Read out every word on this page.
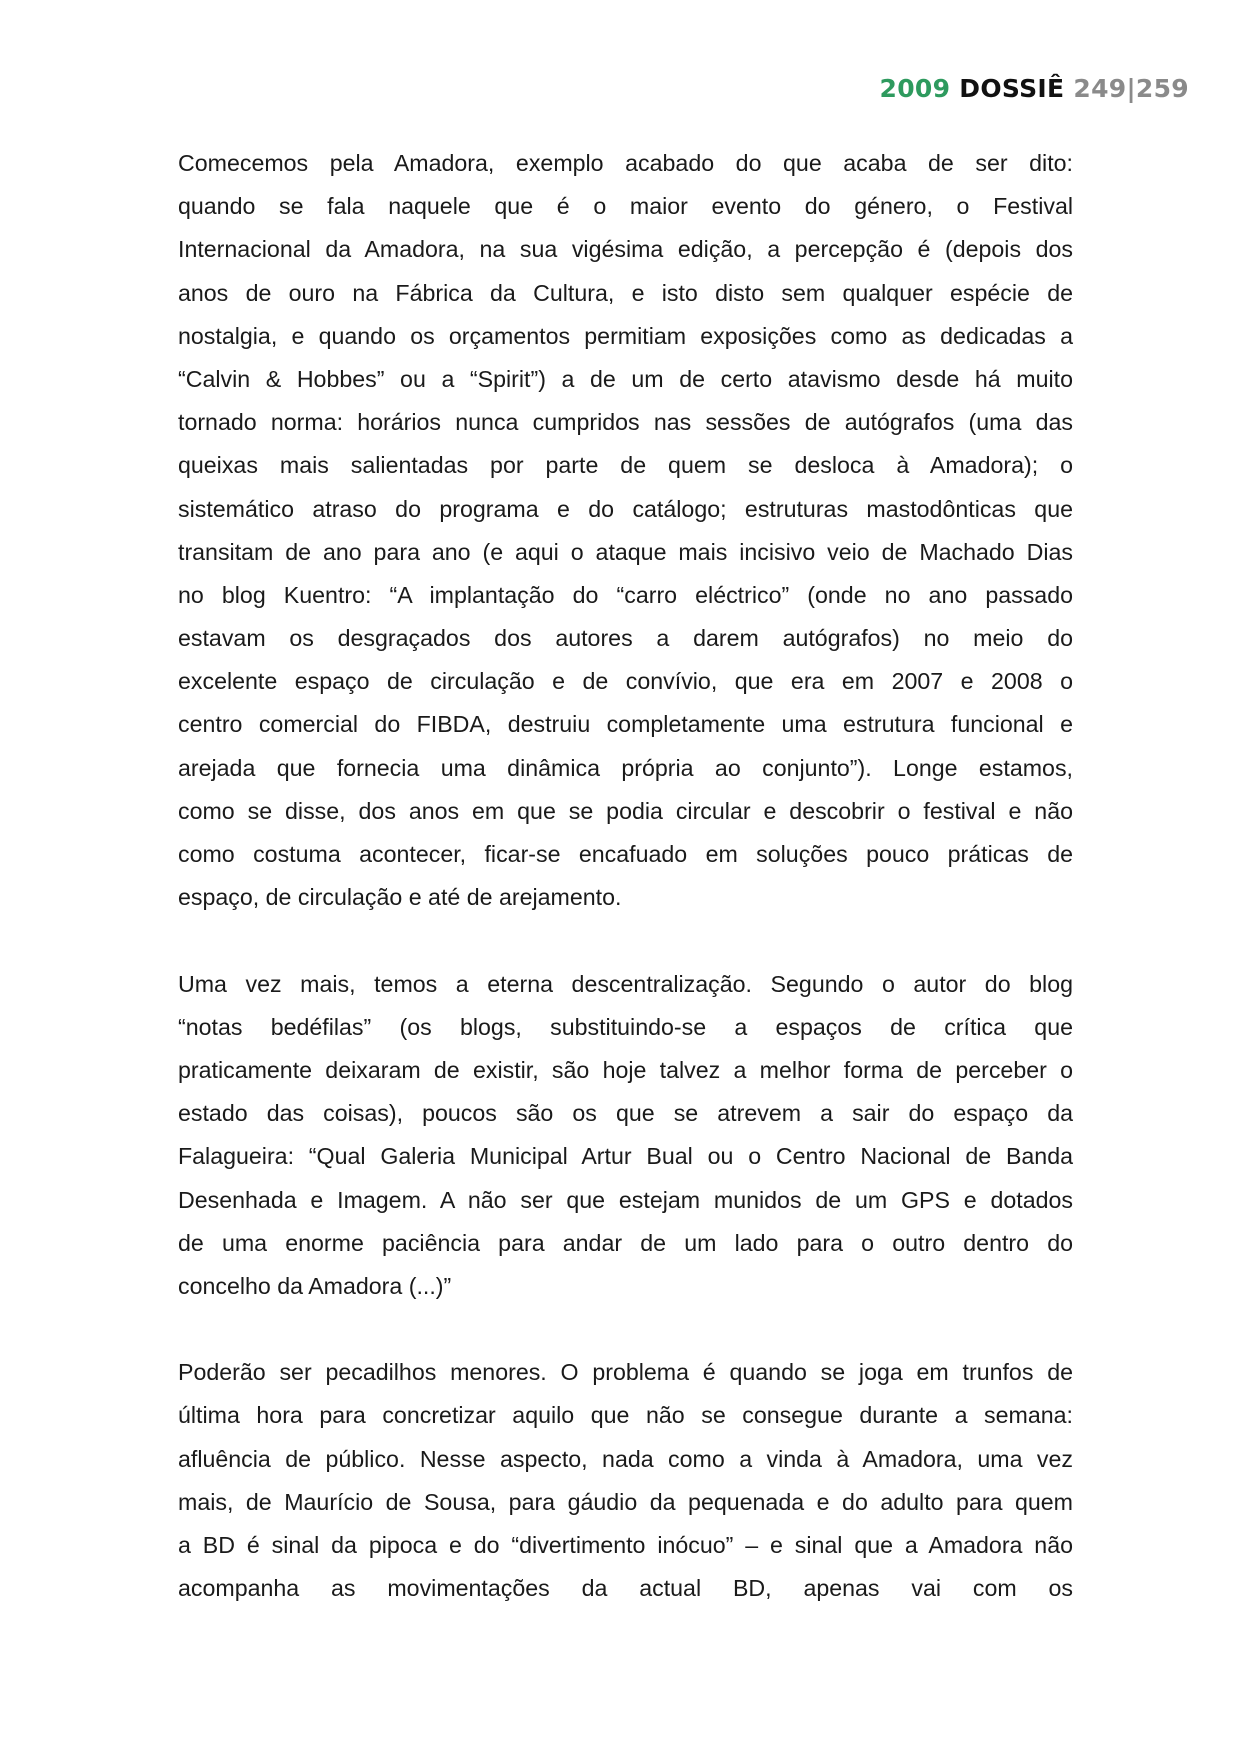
2009 DOSSIÊ 249|259
Comecemos pela Amadora, exemplo acabado do que acaba de ser dito:
quando se fala naquele que é o maior evento do género, o Festival
Internacional da Amadora, na sua vigésima edição, a percepção é (depois dos
anos de ouro na Fábrica da Cultura, e isto disto sem qualquer espécie de
nostalgia, e quando os orçamentos permitiam exposições como as dedicadas a
“Calvin & Hobbes” ou a “Spirit”) a de um de certo atavismo desde há muito
tornado norma: horários nunca cumpridos nas sessões de autógrafos (uma das
queixas mais salientadas por parte de quem se desloca à Amadora); o
sistemático atraso do programa e do catálogo; estruturas mastodônticas que
transitam de ano para ano (e aqui o ataque mais incisivo veio de Machado Dias
no blog Kuentro: “A implantação do “carro eléctrico” (onde no ano passado
estavam os desgraçados dos autores a darem autógrafos) no meio do
excelente espaço de circulação e de convívio, que era em 2007 e 2008 o
centro comercial do FIBDA, destruiu completamente uma estrutura funcional e
arejada que fornecia uma dinâmica própria ao conjunto”). Longe estamos,
como se disse, dos anos em que se podia circular e descobrir o festival e não
como costuma acontecer, ficar-se encafuado em soluções pouco práticas de
espaço, de circulação e até de arejamento.
Uma vez mais, temos a eterna descentralização. Segundo o autor do blog
“notas bedéfilas” (os blogs, substituindo-se a espaços de crítica que
praticamente deixaram de existir, são hoje talvez a melhor forma de perceber o
estado das coisas), poucos são os que se atrevem a sair do espaço da
Falagueira: “Qual Galeria Municipal Artur Bual ou o Centro Nacional de Banda
Desenhada e Imagem. A não ser que estejam munidos de um GPS e dotados
de uma enorme paciência para andar de um lado para o outro dentro do
concelho da Amadora (...)”
Poderão ser pecadilhos menores. O problema é quando se joga em trunfos de
última hora para concretizar aquilo que não se consegue durante a semana:
afluência de público. Nesse aspecto, nada como a vinda à Amadora, uma vez
mais, de Maurício de Sousa, para gáudio da pequenada e do adulto para quem
a BD é sinal da pipoca e do “divertimento inócuo” – e sinal que a Amadora não
acompanha as movimentações da actual BD, apenas vai com os
